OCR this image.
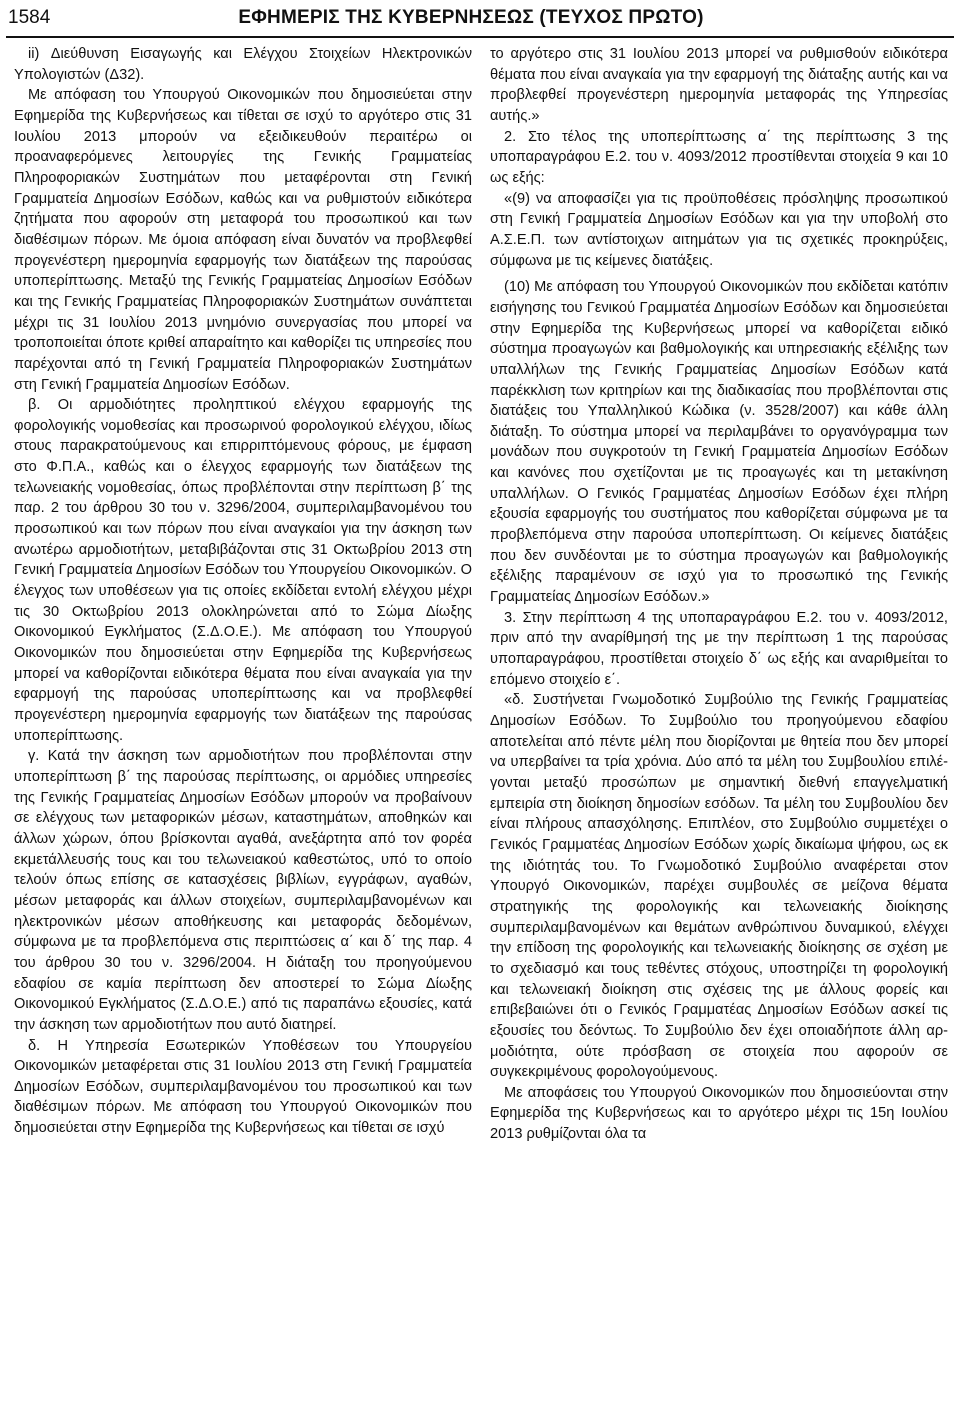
1584	ΕΦΗΜΕΡΙΣ ΤΗΣ ΚΥΒΕΡΝΗΣΕΩΣ (ΤΕΥΧΟΣ ΠΡΩΤΟ)

ii) Διεύθυνση Εισαγωγής και Ελέγχου Στοιχείων Ηλεκτρονικών Υπολογιστών (Δ32).

Με απόφαση του Υπουργού Οικονομικών που δημοσιεύεται στην Εφημερίδα της Κυβερνήσεως και τίθεται σε ισχύ το αργότερο στις 31 Ιουλίου 2013 μπορούν να εξειδικευθούν περαιτέρω οι προαναφερόμενες λειτουργίες της Γενικής Γραμματείας Πληροφοριακών Συστημάτων που μεταφέρονται στη Γενική Γραμματεία Δημοσίων Εσόδων, καθώς και να ρυθμιστούν ειδικότερα ζητήματα που αφορούν στη μεταφορά του προσωπικού και των διαθέσιμων πόρων. Με όμοια απόφαση είναι δυνατόν να προβλεφθεί προγενέστερη ημερομηνία εφαρμογής των διατάξεων της παρούσας υποπερίπτωσης. Μεταξύ της Γενικής Γραμματείας Δημοσίων Εσόδων και της Γενικής Γραμματείας Πληροφοριακών Συστημάτων συνάπτεται μέχρι τις 31 Ιουλίου 2013 μνημόνιο συνεργασίας που μπορεί να τροποποιείται όποτε κριθεί απαραίτητο και καθορίζει τις υπηρεσίες που παρέχονται από τη Γενική Γραμματεία Πληροφοριακών Συστημάτων στη Γενική Γραμματεία Δημοσίων Εσόδων.

β. Οι αρμοδιότητες προληπτικού ελέγχου εφαρμογής της φορολογικής νομοθεσίας και προσωρινού φορολογικού ελέγχου, ιδίως στους παρακρατούμενους και επιρριπτόμενους φόρους, με έμφαση στο Φ.Π.Α., καθώς και ο έλεγχος εφαρμογής των διατάξεων της τελωνειακής νομοθεσίας, όπως προβλέπονται στην περίπτωση β΄ της παρ. 2 του άρθρου 30 του ν. 3296/2004, συμπεριλαμβανομένου του προσωπικού και των πόρων που είναι αναγκαίοι για την άσκηση των ανωτέρω αρμοδιοτήτων, μεταβιβάζονται στις 31 Οκτωβρίου 2013 στη Γενική Γραμματεία Δημοσίων Εσόδων του Υπουργείου Οικονομικών. Ο έλεγχος των υποθέσεων για τις οποίες εκδίδεται εντολή ελέγχου μέχρι τις 30 Οκτωβρίου 2013 ολοκληρώνεται από το Σώμα Δίωξης Οικονομικού Εγκλήματος (Σ.Δ.Ο.Ε.). Με απόφαση του Υπουργού Οικονομικών που δημοσιεύεται στην Εφημερίδα της Κυβερνήσεως μπορεί να καθορίζονται ειδικότερα θέματα που είναι αναγκαία για την εφαρμογή της παρούσας υποπερίπτωσης και να προβλεφθεί προγενέστερη ημερομηνία εφαρμογής των διατάξεων της παρούσας υποπερίπτωσης.

γ. Κατά την άσκηση των αρμοδιοτήτων που προβλέπονται στην υποπερίπτωση β΄ της παρούσας περίπτωσης, οι αρμόδιες υπηρεσίες της Γενικής Γραμματείας Δημοσίων Εσόδων μπορούν να προβαίνουν σε ελέγχους των μεταφορικών μέσων, καταστημάτων, αποθηκών και άλλων χώρων, όπου βρίσκονται αγαθά, ανεξάρτητα από τον φορέα εκμετάλλευσής τους και του τελωνειακού καθεστώτος, υπό το οποίο τελούν όπως επίσης σε κατασχέσεις βιβλίων, εγγράφων, αγαθών, μέσων μεταφοράς και άλλων στοιχείων, συμπεριλαμβανομένων και ηλεκτρονικών μέσων αποθήκευσης και μεταφοράς δεδομένων, σύμφωνα με τα προβλεπόμενα στις περιπτώσεις α΄ και δ΄ της παρ. 4 του άρθρου 30 του ν. 3296/2004. Η διάταξη του προηγούμενου εδαφίου σε καμία περίπτωση δεν αποστερεί το Σώμα Δίωξης Οικονομικού Εγκλήματος (Σ.Δ.Ο.Ε.) από τις παραπάνω εξουσίες, κατά την άσκηση των αρμοδιοτήτων που αυτό διατηρεί.

δ. Η Υπηρεσία Εσωτερικών Υποθέσεων του Υπουργείου Οικονομικών μεταφέρεται στις 31 Ιουλίου 2013 στη Γενική Γραμματεία Δημοσίων Εσόδων, συμπεριλαμβανομένου του προσωπικού και των διαθέσιμων πόρων. Με απόφαση του Υπουργού Οικονομικών που δημοσιεύεται στην Εφημερίδα της Κυβερνήσεως και τίθεται σε ισχύ

το αργότερο στις 31 Ιουλίου 2013 μπορεί να ρυθμισθούν ειδικότερα θέματα που είναι αναγκαία για την εφαρμογή της διάταξης αυτής και να προβλεφθεί προγενέστερη ημερομηνία μεταφοράς της Υπηρεσίας αυτής.»

2. Στο τέλος της υποπερίπτωσης α΄ της περίπτωσης 3 της υποπαραγράφου Ε.2. του ν. 4093/2012 προστίθενται στοιχεία 9 και 10 ως εξής:

«(9) να αποφασίζει για τις προϋποθέσεις πρόσληψης προσωπικού στη Γενική Γραμματεία Δημοσίων Εσόδων και για την υποβολή στο Α.Σ.Ε.Π. των αντίστοιχων αιτημάτων για τις σχετικές προκηρύξεις, σύμφωνα με τις κείμενες διατάξεις.

(10) Με απόφαση του Υπουργού Οικονομικών που εκδίδεται κατόπιν εισήγησης του Γενικού Γραμματέα Δημοσίων Εσόδων και δημοσιεύεται στην Εφημερίδα της Κυβερνήσεως μπορεί να καθορίζεται ειδικό σύστημα προαγωγών και βαθμολογικής και υπηρεσιακής εξέλιξης των υπαλλήλων της Γενικής Γραμματείας Δημοσίων Εσόδων κατά παρέκκλιση των κριτηρίων και της διαδικασίας που προβλέπονται στις διατάξεις του Υπαλληλικού Κώδικα (ν. 3528/2007) και κάθε άλλη διάταξη. Το σύστημα μπορεί να περιλαμβάνει το οργανόγραμμα των μονάδων που συγκροτούν τη Γενική Γραμματεία Δημοσίων Εσόδων και κανόνες που σχετίζονται με τις προαγωγές και τη μετακίνηση υπαλλήλων. Ο Γενικός Γραμματέας Δημοσίων Εσόδων έχει πλήρη εξουσία εφαρμογής του συστήματος που καθορίζεται σύμφωνα με τα προβλεπόμενα στην παρούσα υποπερίπτωση. Οι κείμενες διατάξεις που δεν συνδέονται με το σύστημα προαγωγών και βαθμολογικής εξέλιξης παραμένουν σε ισχύ για το προσωπικό της Γενικής Γραμματείας Δημοσίων Εσόδων.»

3. Στην περίπτωση 4 της υποπαραγράφου Ε.2. του ν. 4093/2012, πριν από την αναρίθμησή της με την περίπτωση 1 της παρούσας υποπαραγράφου, προστίθεται στοιχείο δ΄ ως εξής και αναριθμείται το επόμενο στοιχείο ε΄.

«δ. Συστήνεται Γνωμοδοτικό Συμβούλιο της Γενικής Γραμματείας Δημοσίων Εσόδων. Το Συμβούλιο του προηγούμενου εδαφίου αποτελείται από πέντε μέλη που διορίζονται με θητεία που δεν μπορεί να υπερβαίνει τα τρία χρόνια. Δύο από τα μέλη του Συμβουλίου επιλέγονται μεταξύ προσώπων με σημαντική διεθνή επαγγελματική εμπειρία στη διοίκηση δημοσίων εσόδων. Τα μέλη του Συμβουλίου δεν είναι πλήρους απασχόλησης. Επιπλέον, στο Συμβούλιο συμμετέχει ο Γενικός Γραμματέας Δημοσίων Εσόδων χωρίς δικαίωμα ψήφου, ως εκ της ιδιότητάς του. Το Γνωμοδοτικό Συμβούλιο αναφέρεται στον Υπουργό Οικονομικών, παρέχει συμβουλές σε μείζονα θέματα στρατηγικής της φορολογικής και τελωνειακής διοίκησης συμπεριλαμβανομένων και θεμάτων ανθρώπινου δυναμικού, ελέγχει την επίδοση της φορολογικής και τελωνειακής διοίκησης σε σχέση με το σχεδιασμό και τους τεθέντες στόχους, υποστηρίζει τη φορολογική και τελωνειακή διοίκηση στις σχέσεις της με άλλους φορείς και επιβεβαιώνει ότι ο Γενικός Γραμματέας Δημοσίων Εσόδων ασκεί τις εξουσίες του δεόντως. Το Συμβούλιο δεν έχει οποιαδήποτε άλλη αρμοδιότητα, ούτε πρόσβαση σε στοιχεία που αφορούν σε συγκεκριμένους φορολογούμενους.

Με αποφάσεις του Υπουργού Οικονομικών που δημοσιεύονται στην Εφημερίδα της Κυβερνήσεως και το αργότερο μέχρι τις 15η Ιουλίου 2013 ρυθμίζονται όλα τα
